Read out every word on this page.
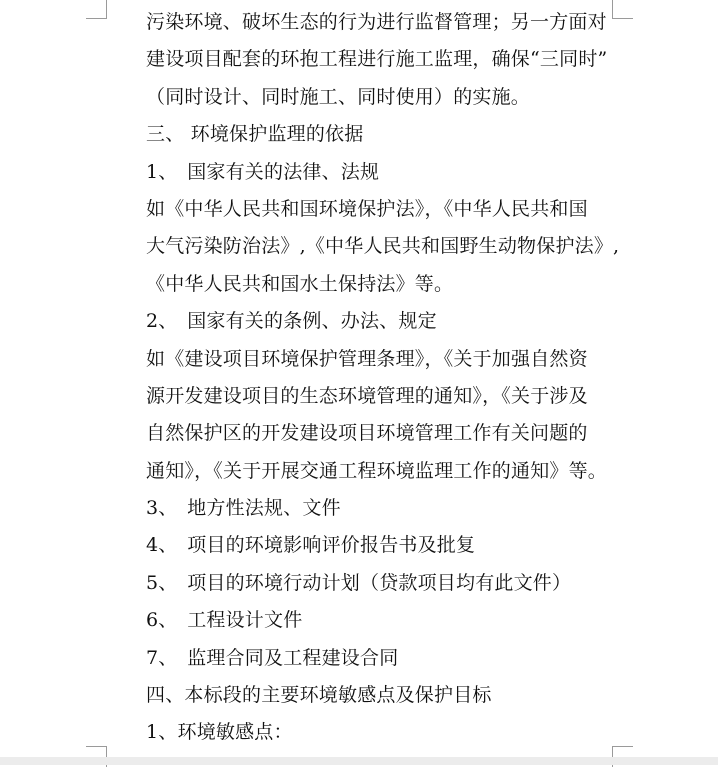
污染环境、破坏生态的行为进行监督管理；另一方面对
建设项目配套的环抱工程进行施工监理，确保“三同时”
（同时设计、同时施工、同时使用）的实施。
三、 环境保护监理的依据
1、　国家有关的法律、法规
如《中华人民共和国环境保护法》，《中华人民共和国
大气污染防治法》,《中华人民共和国野生动物保护法》,
《中华人民共和国水土保持法》等。
2、　国家有关的条例、办法、规定
如《建设项目环境保护管理条理》，《关于加强自然资
源开发建设项目的生态环境管理的通知》，《关于涉及
自然保护区的开发建设项目环境管理工作有关问题的
通知》，《关于开展交通工程环境监理工作的通知》等。
3、　地方性法规、文件
4、　项目的环境影响评价报告书及批复
5、　项目的环境行动计划（贷款项目均有此文件）
6、　工程设计文件
7、　监理合同及工程建设合同
四、本标段的主要环境敏感点及保护目标
1、环境敏感点：
